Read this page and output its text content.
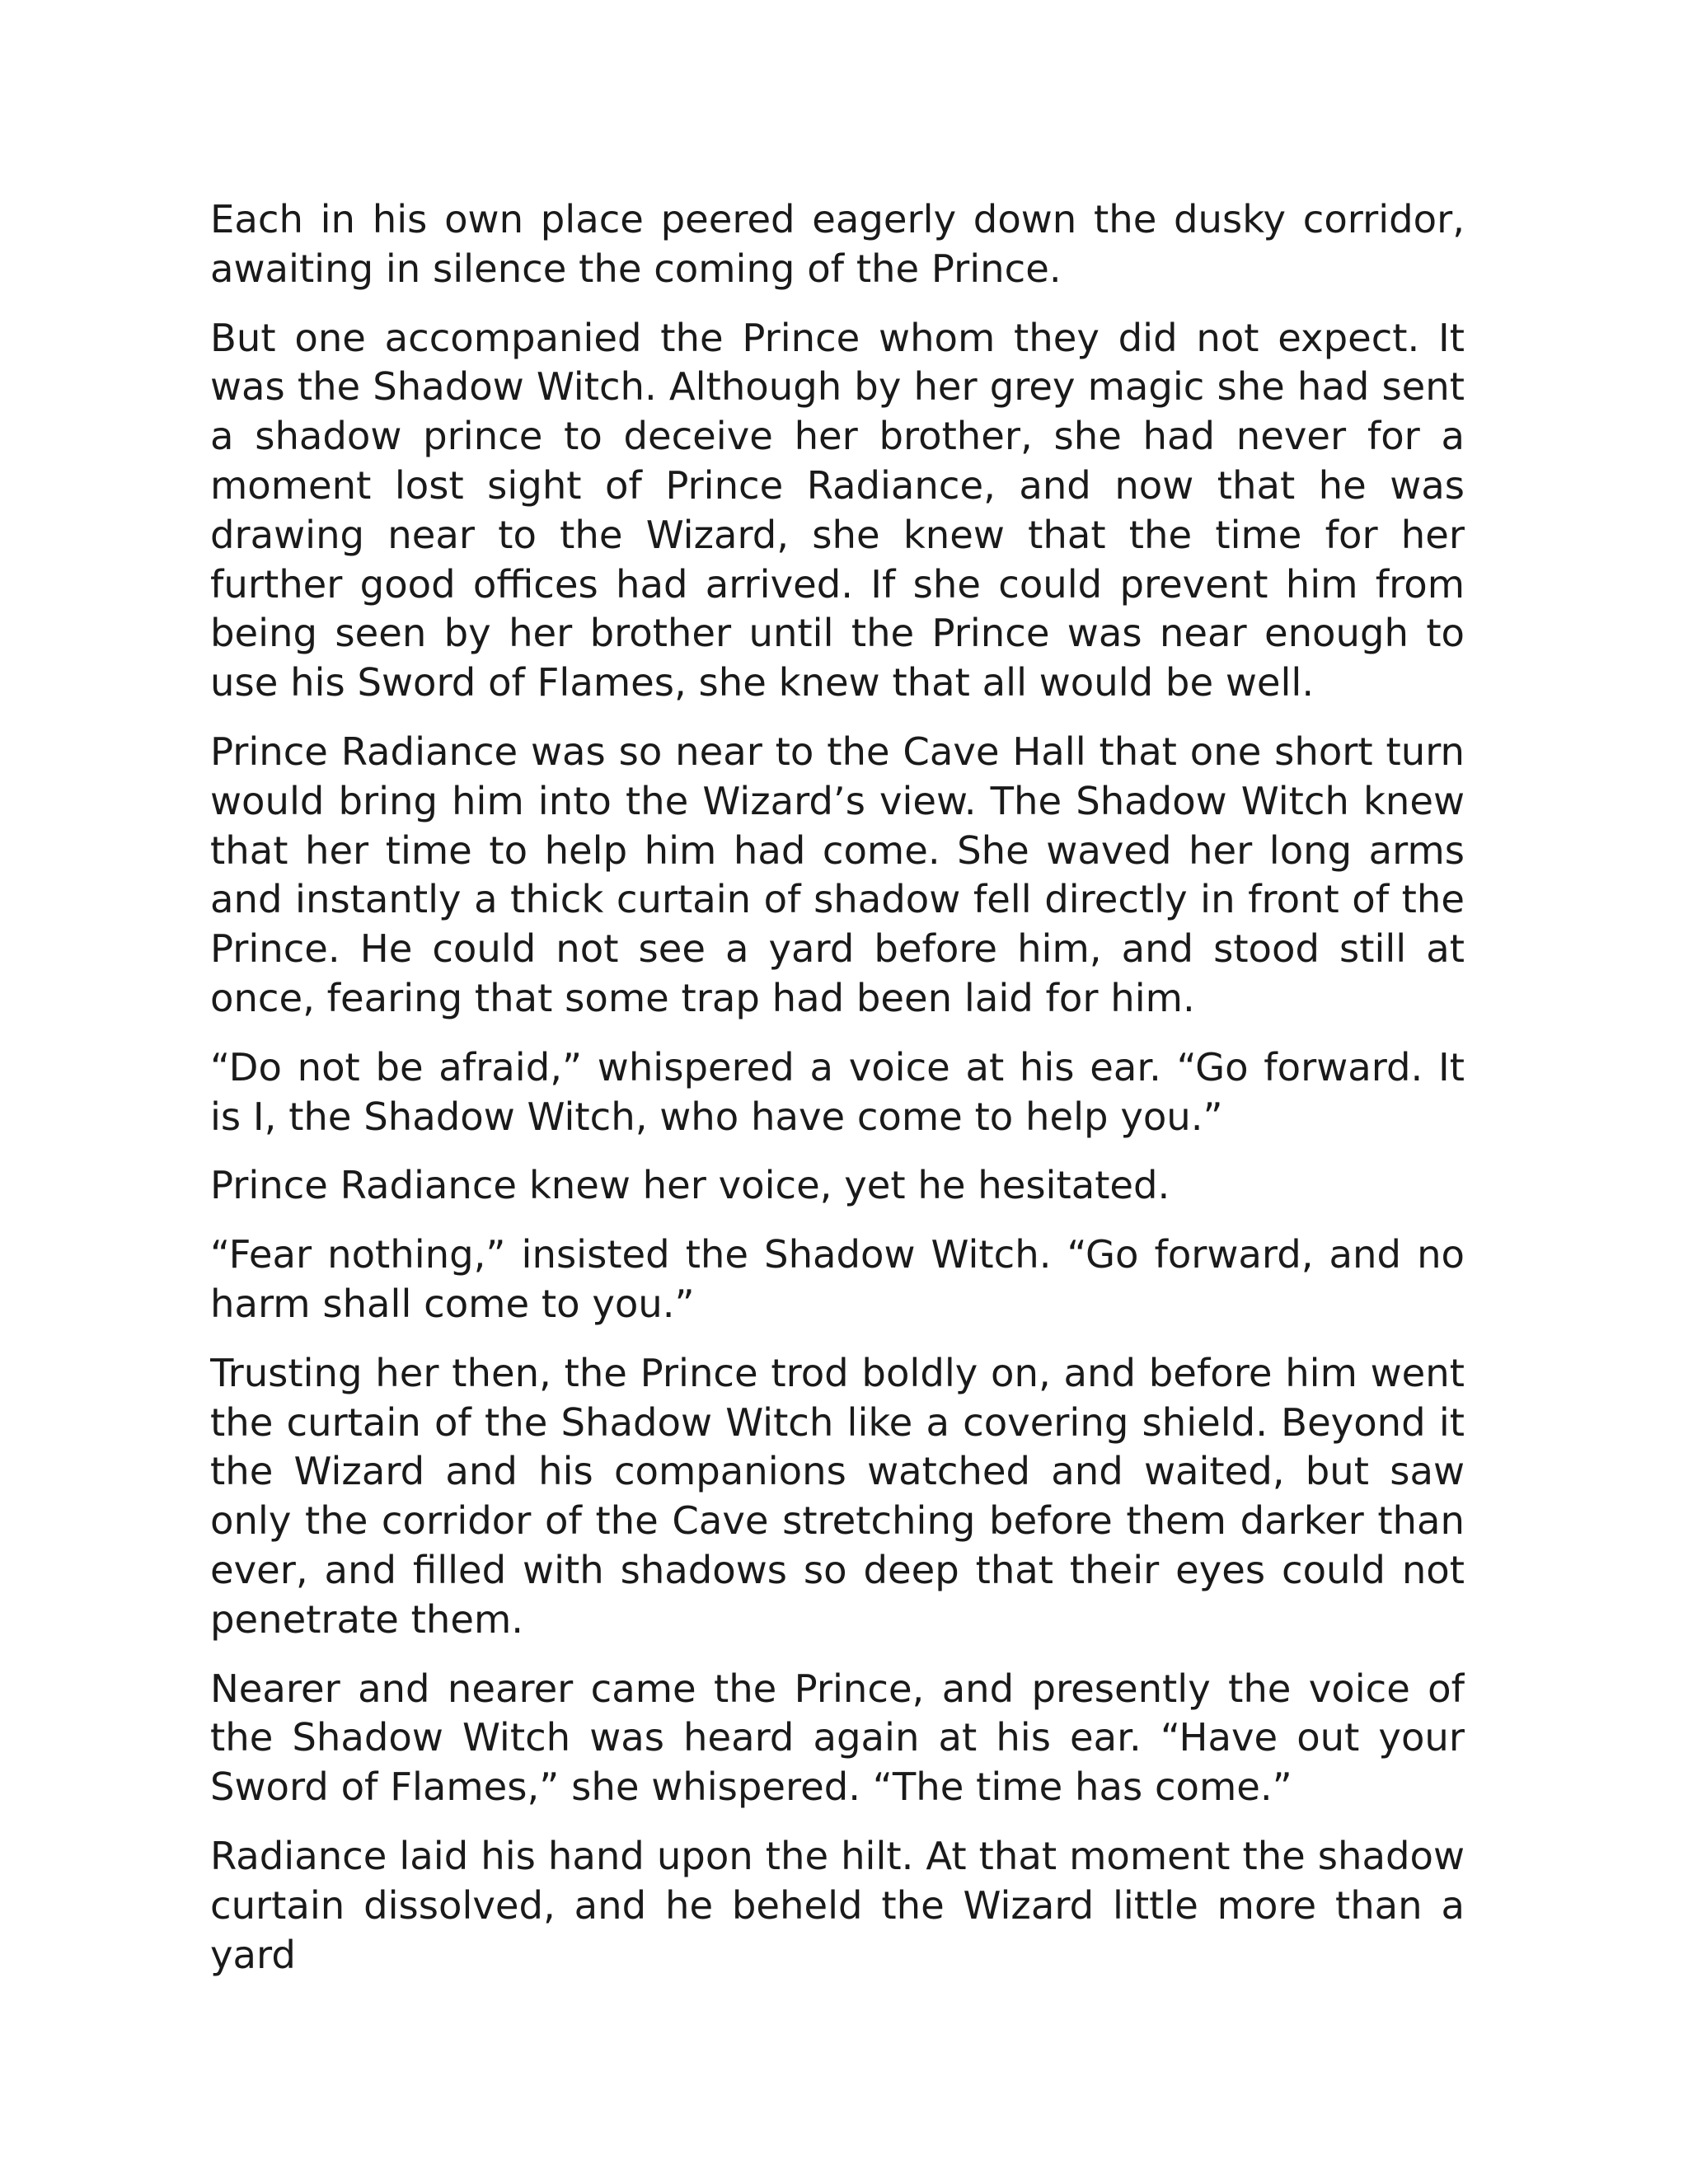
Each in his own place peered eagerly down the dusky corridor, awaiting in silence the coming of the Prince.

But one accompanied the Prince whom they did not expect. It was the Shadow Witch. Although by her grey magic she had sent a shadow prince to deceive her brother, she had never for a moment lost sight of Prince Radiance, and now that he was drawing near to the Wizard, she knew that the time for her further good offices had arrived. If she could prevent him from being seen by her brother until the Prince was near enough to use his Sword of Flames, she knew that all would be well.

Prince Radiance was so near to the Cave Hall that one short turn would bring him into the Wizard’s view. The Shadow Witch knew that her time to help him had come. She waved her long arms and instantly a thick curtain of shadow fell directly in front of the Prince. He could not see a yard before him, and stood still at once, fearing that some trap had been laid for him.

“Do not be afraid,” whispered a voice at his ear. “Go forward. It is I, the Shadow Witch, who have come to help you.”

Prince Radiance knew her voice, yet he hesitated.

“Fear nothing,” insisted the Shadow Witch. “Go forward, and no harm shall come to you.”

Trusting her then, the Prince trod boldly on, and before him went the curtain of the Shadow Witch like a covering shield. Beyond it the Wizard and his companions watched and waited, but saw only the corridor of the Cave stretching before them darker than ever, and filled with shadows so deep that their eyes could not penetrate them.

Nearer and nearer came the Prince, and presently the voice of the Shadow Witch was heard again at his ear. “Have out your Sword of Flames,” she whispered. “The time has come.”

Radiance laid his hand upon the hilt. At that moment the shadow curtain dissolved, and he beheld the Wizard little more than a yard
